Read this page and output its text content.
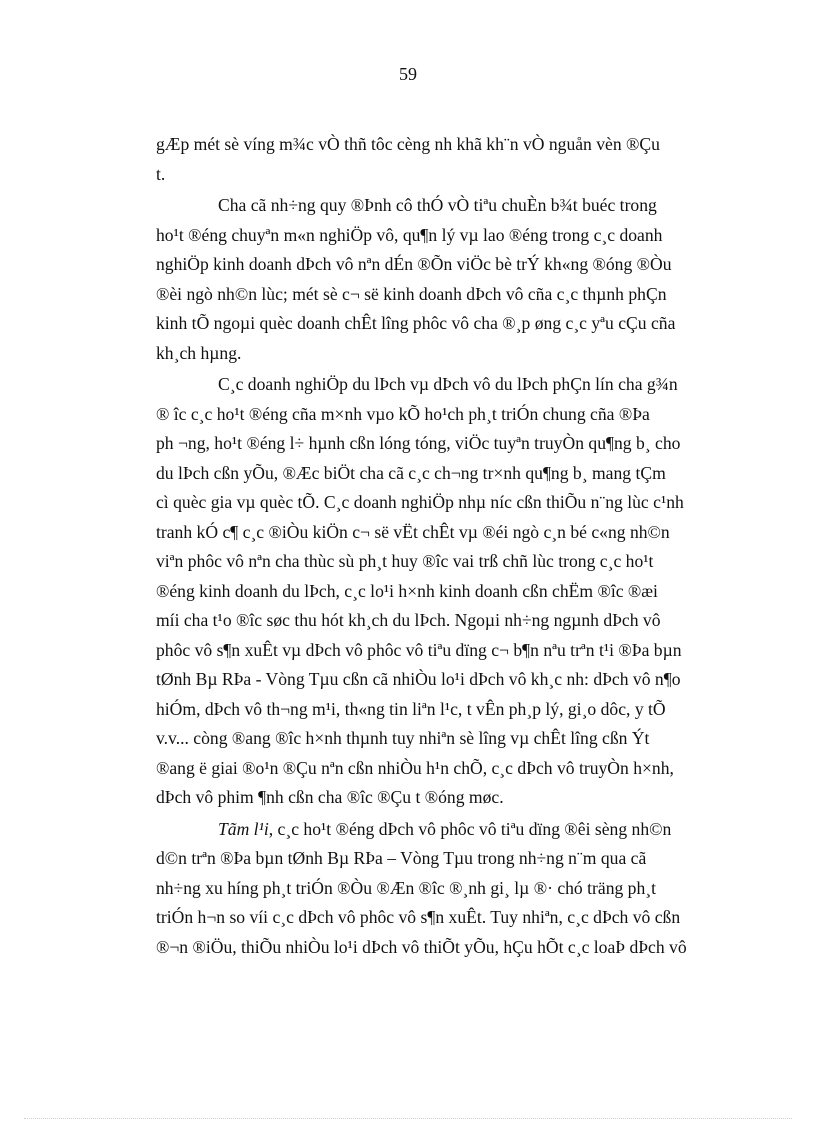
59
gÆp mét sè víng m¾c vÒ thñ tôc cèng nh khã kh¨n vÒ nguån vèn ®Çu
t.
Cha cã nh÷ng quy ®Þnh cô thÓ vÒ tiªu chuÈn b¾t buéc trong
ho¹t ®éng chuyªn m«n nghiÖp vô, qu¶n lý vµ lao ®éng trong c¸c doanh
nghiÖp kinh doanh dÞch vô nªn dÉn ®Õn viÖc bè trÝ kh«ng ®óng ®Òu
®èi ngò nh©n lùc; mét sè c¬ së kinh doanh dÞch vô cña c¸c thµnh phÇn
kinh tÕ ngoµi quèc doanh chÊt lîng phôc vô cha ®¸p øng c¸c yªu cÇu cña
kh¸ch hµng.
C¸c doanh nghiÖp du lÞch vµ dÞch vô du lÞch phÇn lín cha g¾n
® îc c¸c ho¹t ®éng cña m×nh vµo kÕ ho¹ch ph¸t triÓn chung cña ®Þa
ph ¬ng, ho¹t ®éng l÷ hµnh cßn lóng tóng, viÖc tuyªn truyÒn qu¶ng b¸ cho
du lÞch cßn yÕu, ®Æc biÖt cha cã c¸c ch¬ng tr×nh qu¶ng b¸ mang tÇm
cì quèc gia vµ quèc tÕ. C¸c doanh nghiÖp nhµ níc cßn thiÕu n¨ng lùc c¹nh
tranh kÓ c¶ c¸c ®iÒu kiÖn c¬ së vËt chÊt vµ ®éi ngò c¸n bé c«ng nh©n
viªn phôc vô nªn cha thùc sù ph¸t huy ®îc vai trß chñ lùc trong c¸c ho¹t
®éng kinh doanh du lÞch, c¸c lo¹i h×nh kinh doanh cßn chËm ®îc ®æi
míi cha t¹o ®îc søc thu hót kh¸ch du lÞch. Ngoµi nh÷ng ngµnh dÞch vô
phôc vô s¶n xuÊt vµ dÞch vô phôc vô tiªu dïng c¬ b¶n nªu trªn t¹i ®Þa bµn
tØnh Bµ RÞa - Vòng Tµu cßn cã nhiÒu lo¹i dÞch vô kh¸c nh: dÞch vô n¶o
hiÓm, dÞch vô th¬ng m¹i, th«ng tin liªn l¹c, t vÊn ph¸p lý, gi¸o dôc, y tÕ
v.v... còng ®ang ®îc h×nh thµnh tuy nhiªn sè lîng vµ chÊt lîng cßn Ýt
®ang ë giai ®o¹n ®Çu nªn cßn nhiÒu h¹n chÕ, c¸c dÞch vô truyÒn h×nh,
dÞch vô phim ¶nh cßn cha ®îc ®Çu t ®óng møc.
Tãm l¹i, c¸c ho¹t ®éng dÞch vô phôc vô tiªu dïng ®êi sèng nh©n
d©n trªn ®Þa bµn tØnh Bµ RÞa – Vòng Tµu trong nh÷ng n¨m qua cã
nh÷ng xu híng ph¸t triÓn ®Òu ®Æn ®îc ®¸nh gi¸ lµ ®· chó träng ph¸t
triÓn h¬n so víi c¸c dÞch vô phôc vô s¶n xuÊt. Tuy nhiªn, c¸c dÞch vô cßn
®¬n ®iÖu, thiÕu nhiÒu lo¹i dÞch vô thiÕt yÕu, hÇu hÕt c¸c loaÞ dÞch vô
